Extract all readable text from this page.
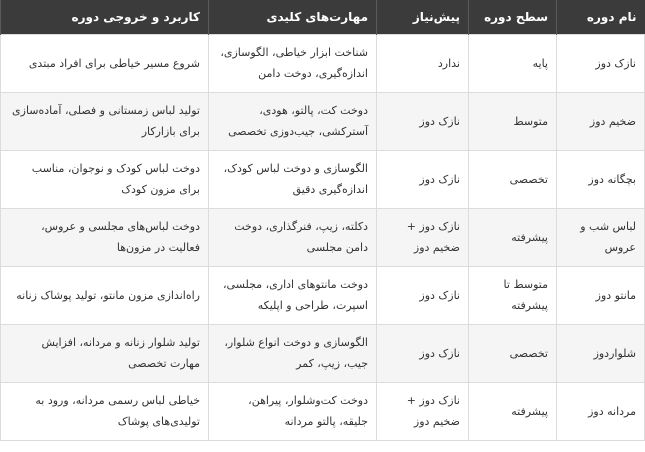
نام دوره	سطح دوره	پیش‌نیاز	مهارت‌های کلیدی	کاربرد و خروجی دوره
نازک دوز	پایه	ندارد	شناخت ابزار خیاطی، الگوسازی، اندازه‌گیری، دوخت دامن	شروع مسیر خیاطی برای افراد مبتدی
ضخیم دوز	متوسط	نازک دوز	دوخت کت، پالتو، هودی، آسترکشی، جیب‌دوزی تخصصی	تولید لباس زمستانی و فصلی، آماده‌سازی برای بازارکار
بچگانه دوز	تخصصی	نازک دوز	الگوسازی و دوخت لباس کودک، اندازه‌گیری دقیق	دوخت لباس کودک و نوجوان، مناسب برای مزون کودک
لباس شب و عروس	پیشرفته	نازک دوز + ضخیم دوز	دکلته، زیپ، فنرگذاری، دوخت دامن مجلسی	دوخت لباس‌های مجلسی و عروس، فعالیت در مزون‌ها
مانتو دوز	متوسط تا پیشرفته	نازک دوز	دوخت مانتوهای اداری، مجلسی، اسپرت، طراحی و اپلیکه	راه‌اندازی مزون مانتو، تولید پوشاک زنانه
شلواردوز	تخصصی	نازک دوز	الگوسازی و دوخت انواع شلوار، جیب، زیپ، کمر	تولید شلوار زنانه و مردانه، افزایش مهارت تخصصی
مردانه دوز	پیشرفته	نازک دوز + ضخیم دوز	دوخت کت‌وشلوار، پیراهن، جلیقه، پالتو مردانه	خیاطی لباس رسمی مردانه، ورود به تولیدی‌های پوشاک
